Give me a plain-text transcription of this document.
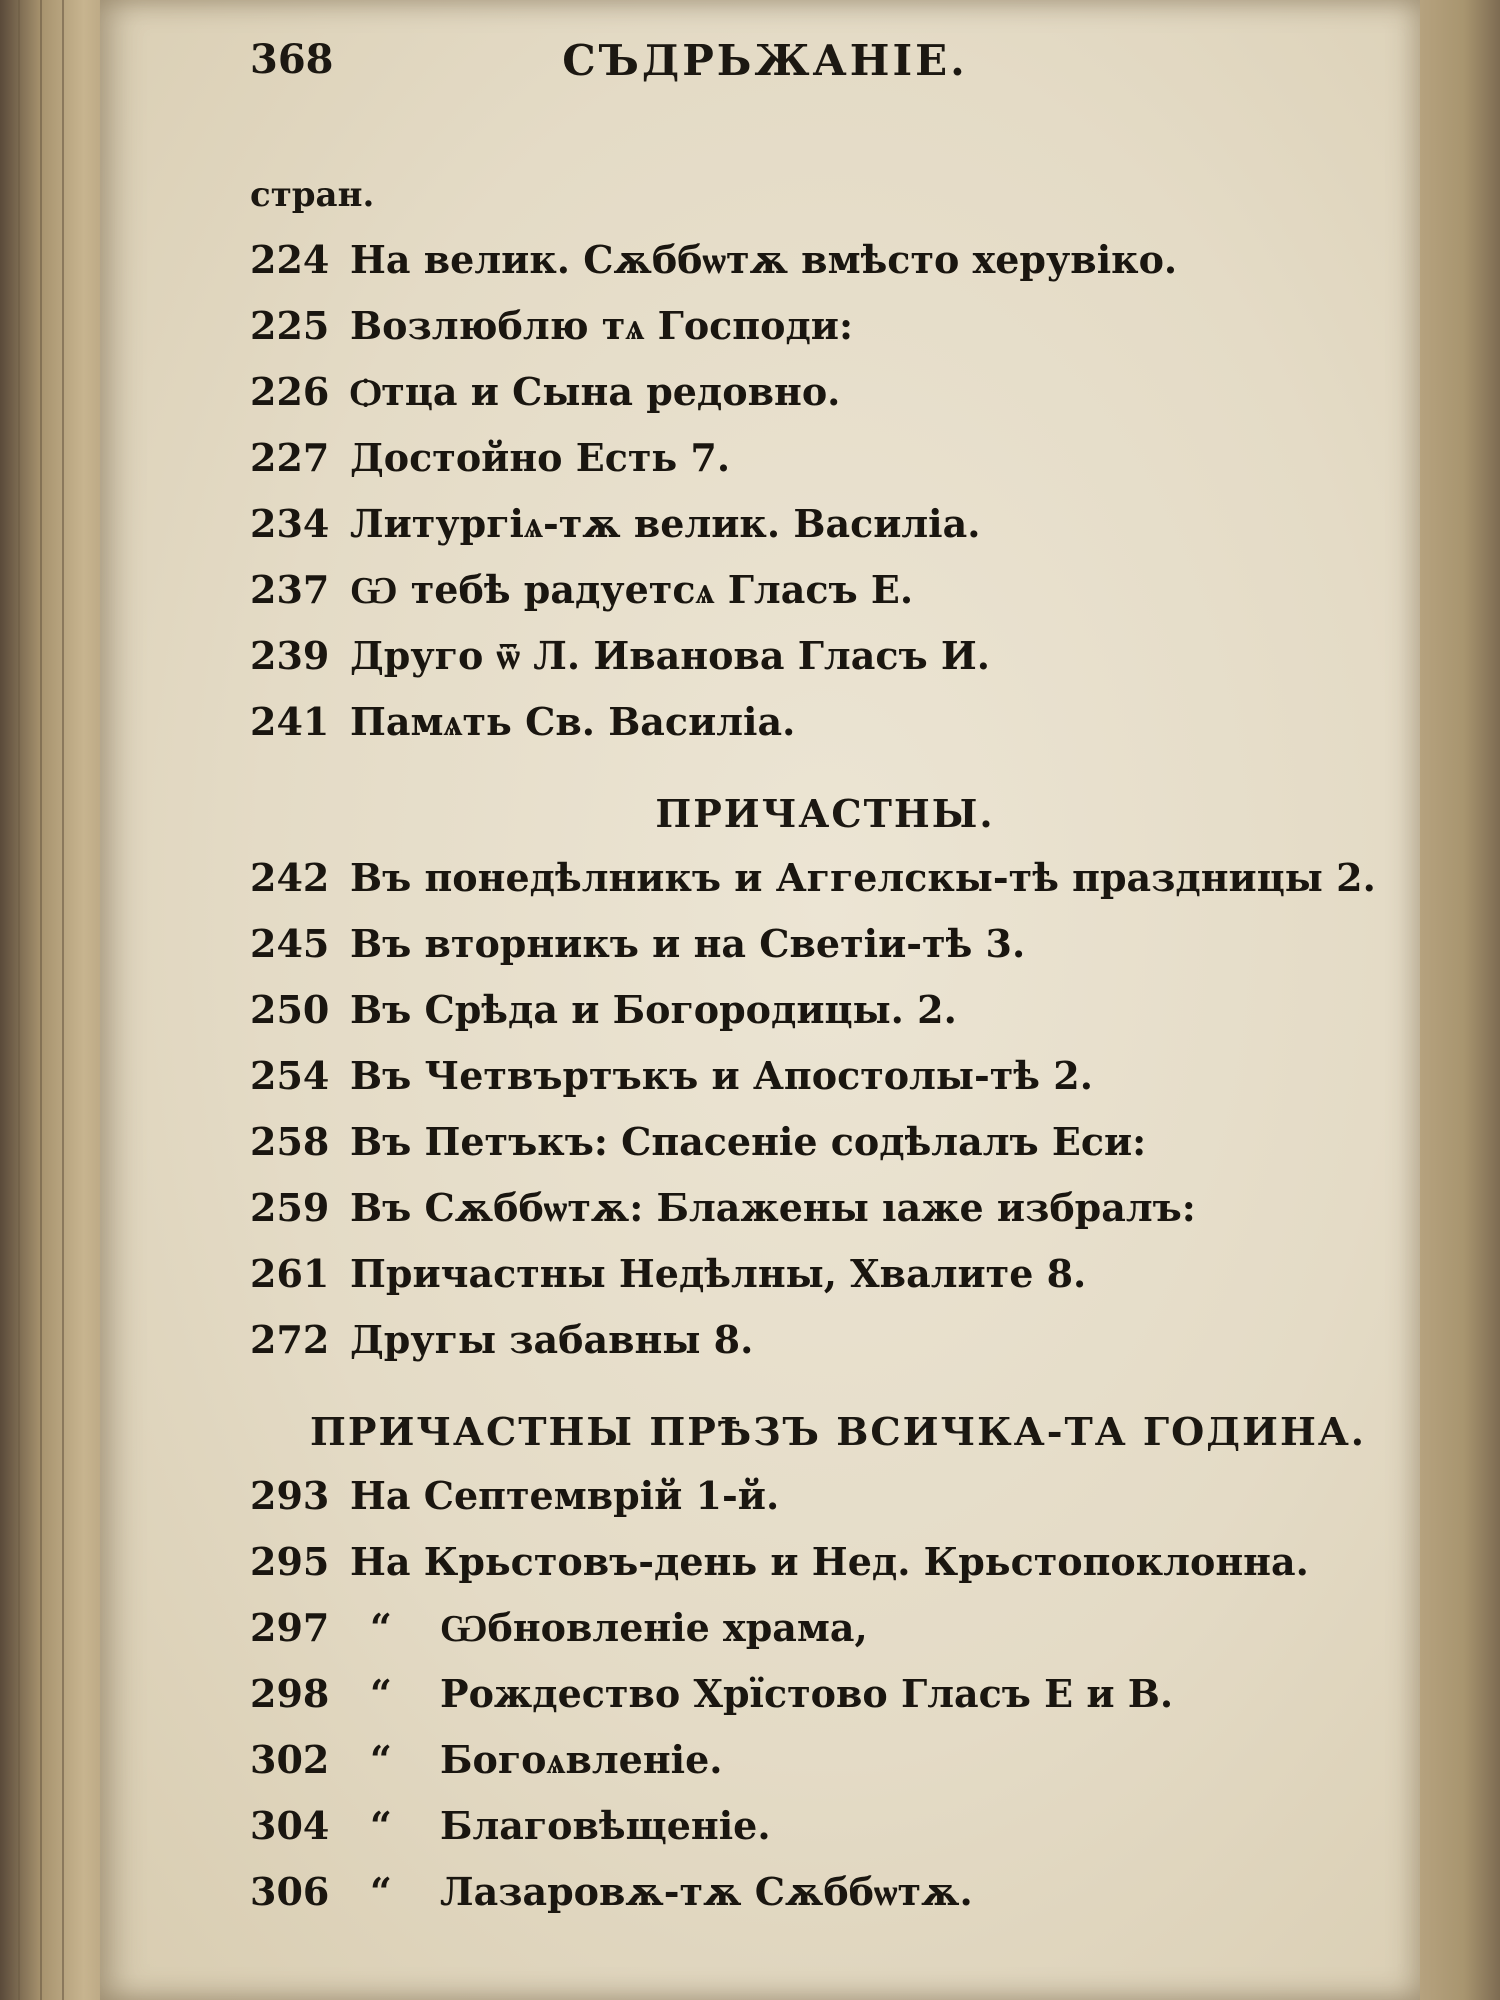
368	СЪДРЬЖАНІЕ.
стран.
224 На велик. Сѫббѡтѫ вмѣсто херувіко.
225 Возлюблю тѧ Господи:
226 Ѻтца и Сына редовно.
227 Достойно Есть 7.
234 Литургіѧ-тѫ велик. Василіа.
237 Ѡ тебѣ радуетсѧ Гласъ Е.
239 Друго ѿ Л. Иванова Гласъ И.
241 Памѧть Св. Василіа.
ПРИЧАСТНЫ.
242 Въ понедѣлникъ и Аггелскы-тѣ праздницы 2.
245 Въ вторникъ и на Светіи-тѣ 3.
250 Въ Срѣда и Богородицы. 2.
254 Въ Четвъртъкъ и Апостолы-тѣ 2.
258 Въ Петъкъ: Спасеніе содѣлалъ Еси:
259 Въ Сѫббѡтѫ: Блажены ıаже избралъ:
261 Причастны Недѣлны, Хвалите 8.
272 Другы забавны 8.
ПРИЧАСТНЫ ПРѢЗЪ ВСИЧКА-ТА ГОДИНА.
293 На Септемврій 1-й.
295 На Крьстовъ-день и Нед. Крьстопоклонна.
297	“	Ѡбновленіе храма,
298	“	Рождество Хрїстово Гласъ Е и В.
302	“	Богоѧвленіе.
304	“	Благовѣщеніе.
306	“	Лазаровѫ-тѫ Сѫббѡтѫ.
